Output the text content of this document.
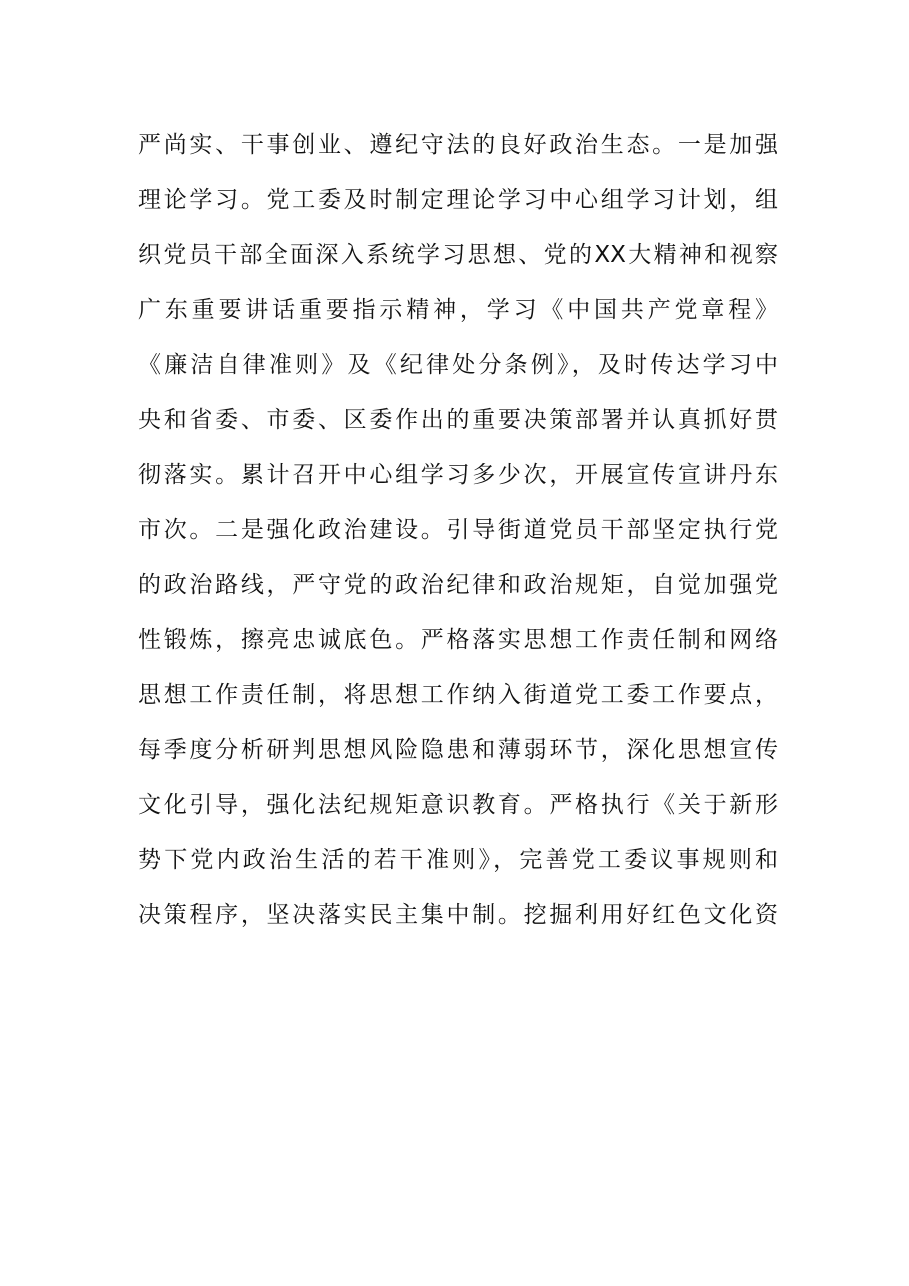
严尚实、干事创业、遵纪守法的良好政治生态。一是加强
理论学习。党工委及时制定理论学习中心组学习计划，组
织党员干部全面深入系统学习思想、党的XX大精神和视察
广东重要讲话重要指示精神，学习《中国共产党章程》
《廉洁自律准则》及《纪律处分条例》，及时传达学习中
央和省委、市委、区委作出的重要决策部署并认真抓好贯
彻落实。累计召开中心组学习多少次，开展宣传宣讲丹东
市次。二是强化政治建设。引导街道党员干部坚定执行党
的政治路线，严守党的政治纪律和政治规矩，自觉加强党
性锻炼，擦亮忠诚底色。严格落实思想工作责任制和网络
思想工作责任制，将思想工作纳入街道党工委工作要点，
每季度分析研判思想风险隐患和薄弱环节，深化思想宣传
文化引导，强化法纪规矩意识教育。严格执行《关于新形
势下党内政治生活的若干准则》，完善党工委议事规则和
决策程序，坚决落实民主集中制。挖掘利用好红色文化资
